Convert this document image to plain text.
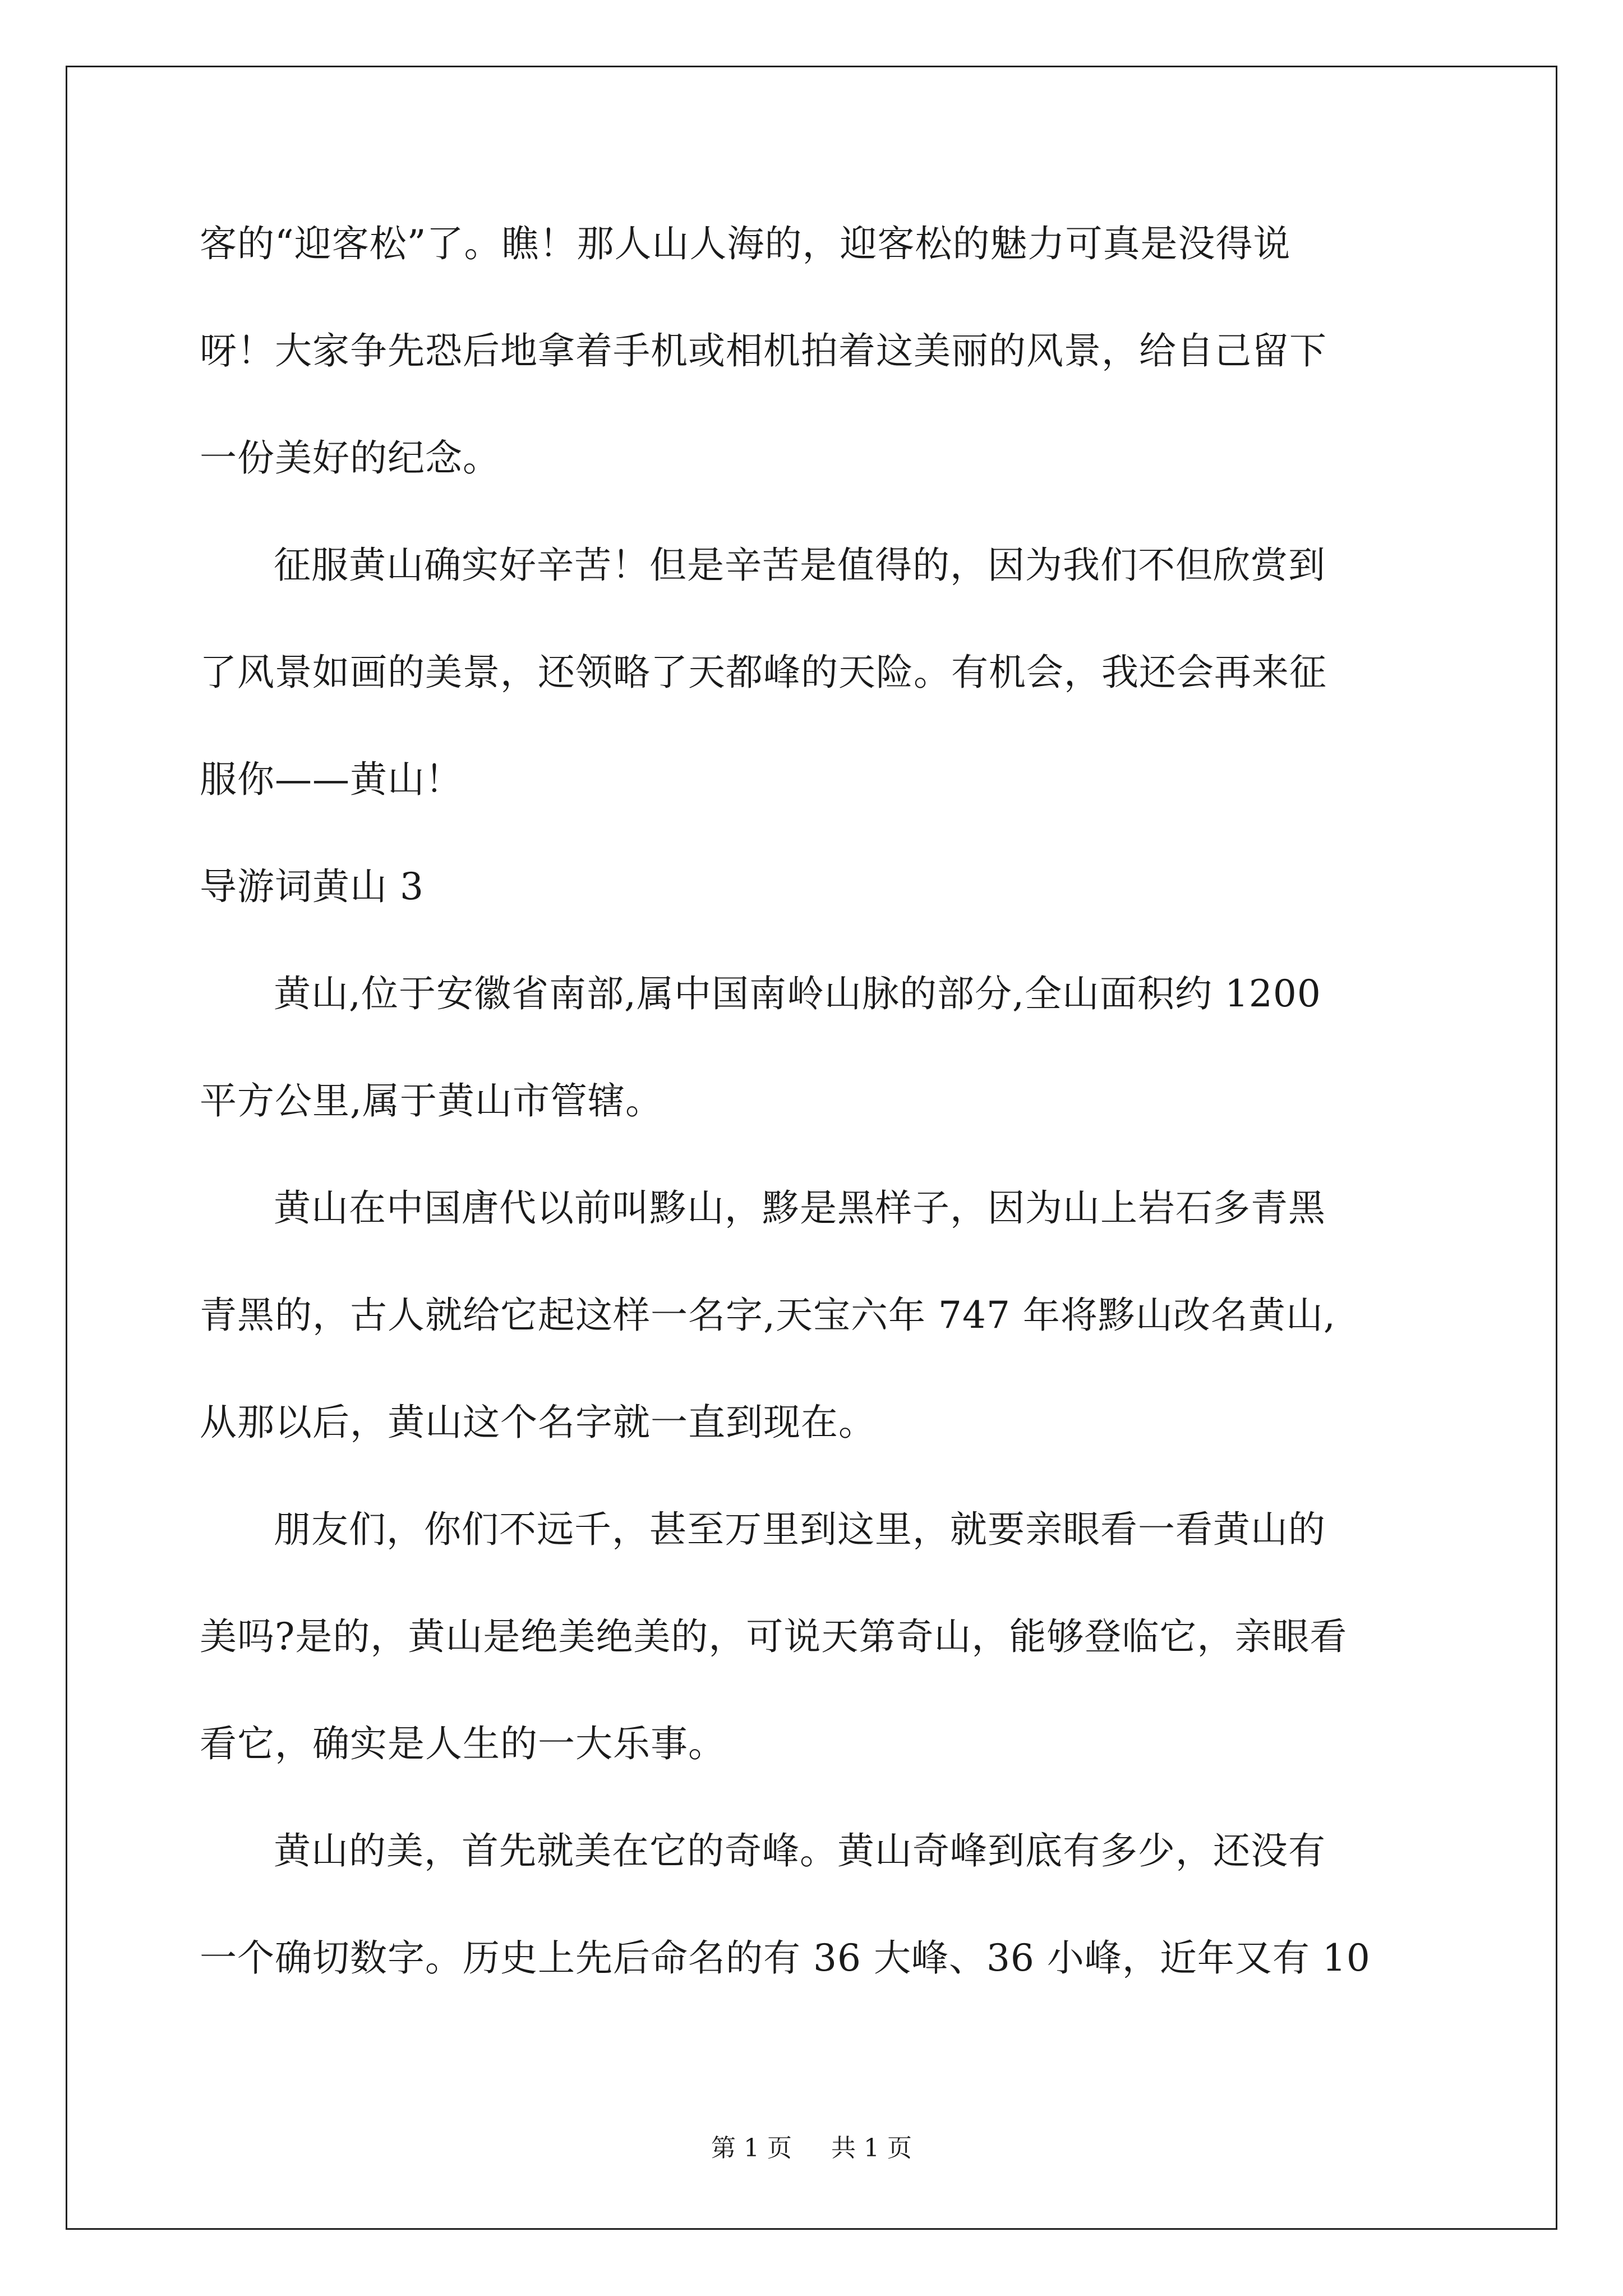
客的“迎客松”了。瞧！那人山人海的，迎客松的魅力可真是没得说
呀！大家争先恐后地拿着手机或相机拍着这美丽的风景，给自己留下
一份美好的纪念。
征服黄山确实好辛苦！但是辛苦是值得的，因为我们不但欣赏到
了风景如画的美景，还领略了天都峰的天险。有机会，我还会再来征
服你——黄山！
导游词黄山 3
黄山,位于安徽省南部,属中国南岭山脉的部分,全山面积约 1200
平方公里,属于黄山市管辖。
黄山在中国唐代以前叫黟山，黟是黑样子，因为山上岩石多青黑
青黑的，古人就给它起这样一名字,天宝六年 747 年将黟山改名黄山,
从那以后，黄山这个名字就一直到现在。
朋友们，你们不远千，甚至万里到这里，就要亲眼看一看黄山的
美吗?是的，黄山是绝美绝美的，可说天第奇山，能够登临它，亲眼看
看它，确实是人生的一大乐事。
黄山的美，首先就美在它的奇峰。黄山奇峰到底有多少，还没有
一个确切数字。历史上先后命名的有 36 大峰、36 小峰，近年又有 10
第 1 页 共 1 页
